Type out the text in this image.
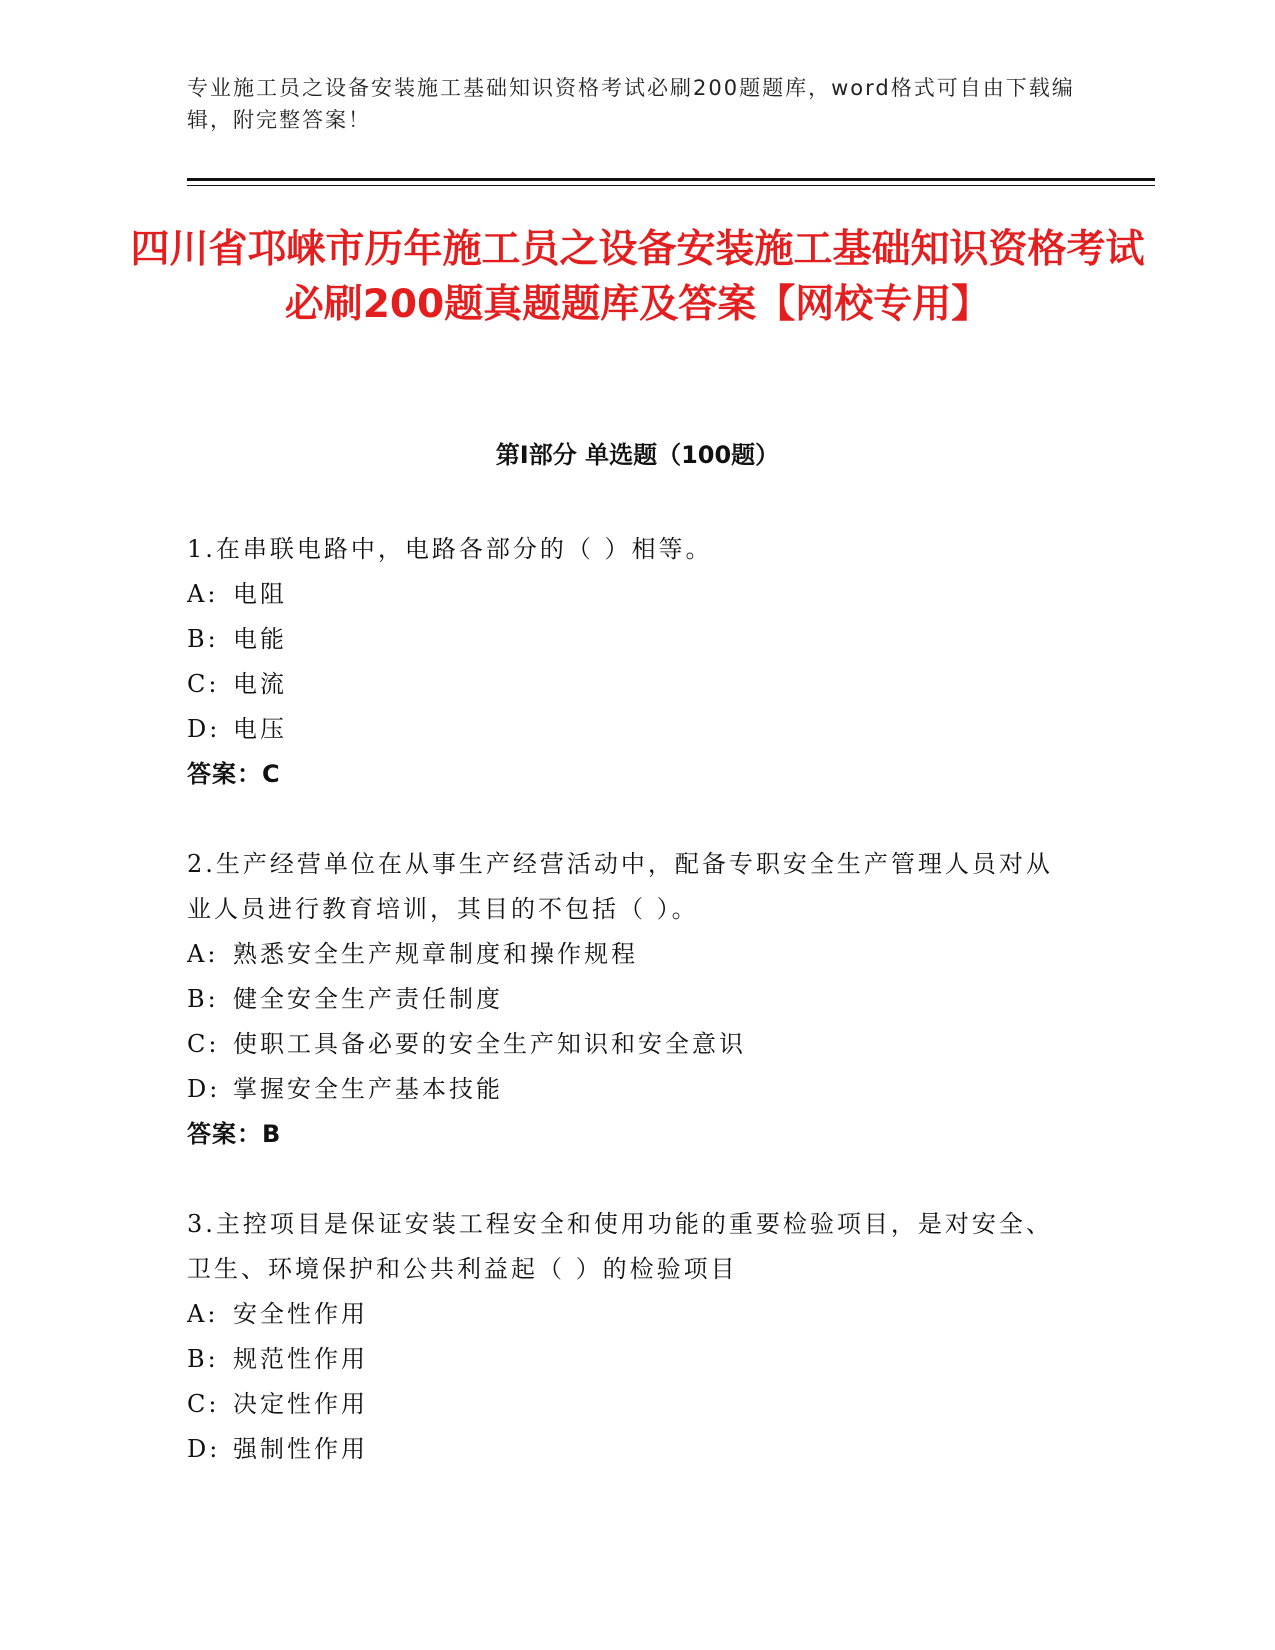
专业施工员之设备安装施工基础知识资格考试必刷200题题库，word格式可自由下载编辑，附完整答案！
四川省邛崃市历年施工员之设备安装施工基础知识资格考试必刷200题真题题库及答案【网校专用】
第Ⅰ部分 单选题（100题）

1.在串联电路中，电路各部分的（ ）相等。

A: 电阻

B: 电能

C: 电流

D: 电压

答案：C

2.生产经营单位在从事生产经营活动中，配备专职安全生产管理人员对从业人员进行教育培训，其目的不包括（ ）。

A: 熟悉安全生产规章制度和操作规程

B: 健全安全生产责任制度

C: 使职工具备必要的安全生产知识和安全意识

D: 掌握安全生产基本技能

答案：B

3.主控项目是保证安装工程安全和使用功能的重要检验项目，是对安全、卫生、环境保护和公共利益起（ ）的检验项目

A: 安全性作用

B: 规范性作用

C: 决定性作用

D: 强制性作用
